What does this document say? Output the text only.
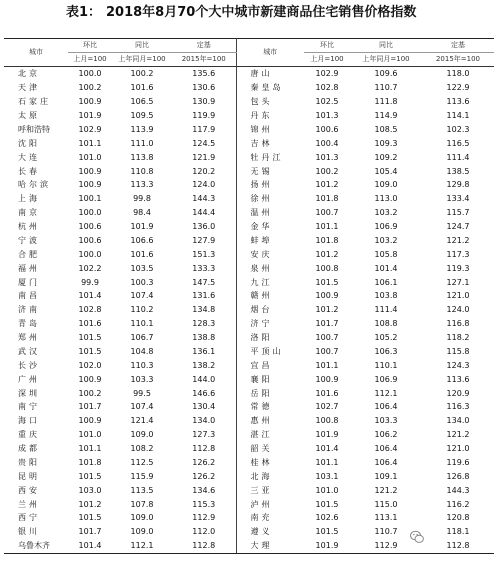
表1： 2018年8月70个大中城市新建商品住宅销售价格指数
城市	环比	同比	定基	城市	环比	同比	定基
	上月=100	上年同月=100	2015年=100		上月=100	上年同月=100	2015年=100
北京	100.0	100.2	135.6	唐山	102.9	109.6	118.0
天津	100.2	101.6	130.6	秦皇岛	102.8	110.7	122.9
石家庄	100.9	106.5	130.9	包头	102.5	111.8	113.6
太原	101.9	109.5	119.9	丹东	101.3	114.9	114.1
呼和浩特	102.9	113.9	117.9	锦州	100.6	108.5	102.3
沈阳	101.1	111.0	124.5	吉林	100.4	109.3	116.5
大连	101.0	113.8	121.9	牡丹江	101.3	109.2	111.4
长春	100.9	110.8	120.2	无锡	100.2	105.4	138.5
哈尔滨	100.9	113.3	124.0	扬州	101.2	109.0	129.8
上海	100.1	99.8	144.3	徐州	101.8	113.0	133.4
南京	100.0	98.4	144.4	温州	100.7	103.2	115.7
杭州	100.6	101.9	136.0	金华	101.1	106.9	124.7
宁波	100.6	106.6	127.9	蚌埠	101.8	103.2	121.2
合肥	100.0	101.6	151.3	安庆	101.2	105.8	117.3
福州	102.2	103.5	133.3	泉州	100.8	101.4	119.3
厦门	99.9	100.3	147.5	九江	101.5	106.1	127.1
南昌	101.4	107.4	131.6	赣州	100.9	103.8	121.0
济南	102.8	110.2	134.8	烟台	101.2	111.4	124.0
青岛	101.6	110.1	128.3	济宁	101.7	108.8	116.8
郑州	101.5	106.7	138.8	洛阳	100.7	105.2	118.2
武汉	101.5	104.8	136.1	平顶山	100.7	106.3	115.8
长沙	102.0	110.3	138.2	宜昌	101.1	110.1	124.3
广州	100.9	103.3	144.0	襄阳	100.9	106.9	113.6
深圳	100.2	99.5	146.6	岳阳	101.6	112.1	120.9
南宁	101.7	107.4	130.4	常德	102.7	106.4	116.3
海口	100.9	121.4	134.0	惠州	100.8	103.3	134.0
重庆	101.0	109.0	127.3	湛江	101.9	106.2	121.2
成都	101.1	108.2	112.8	韶关	101.4	106.4	121.0
贵阳	101.8	112.5	126.2	桂林	101.1	106.4	119.6
昆明	101.5	115.9	126.2	北海	103.1	109.1	126.8
西安	103.0	113.5	134.6	三亚	101.0	121.2	144.3
兰州	101.2	107.8	115.3	泸州	101.5	115.0	116.2
西宁	101.5	109.0	112.9	南充	102.6	113.1	120.8
银川	101.7	109.0	112.0	遵义	101.5	110.7	118.1
乌鲁木齐	101.4	112.1	112.8	大理	101.9	112.9	112.8
